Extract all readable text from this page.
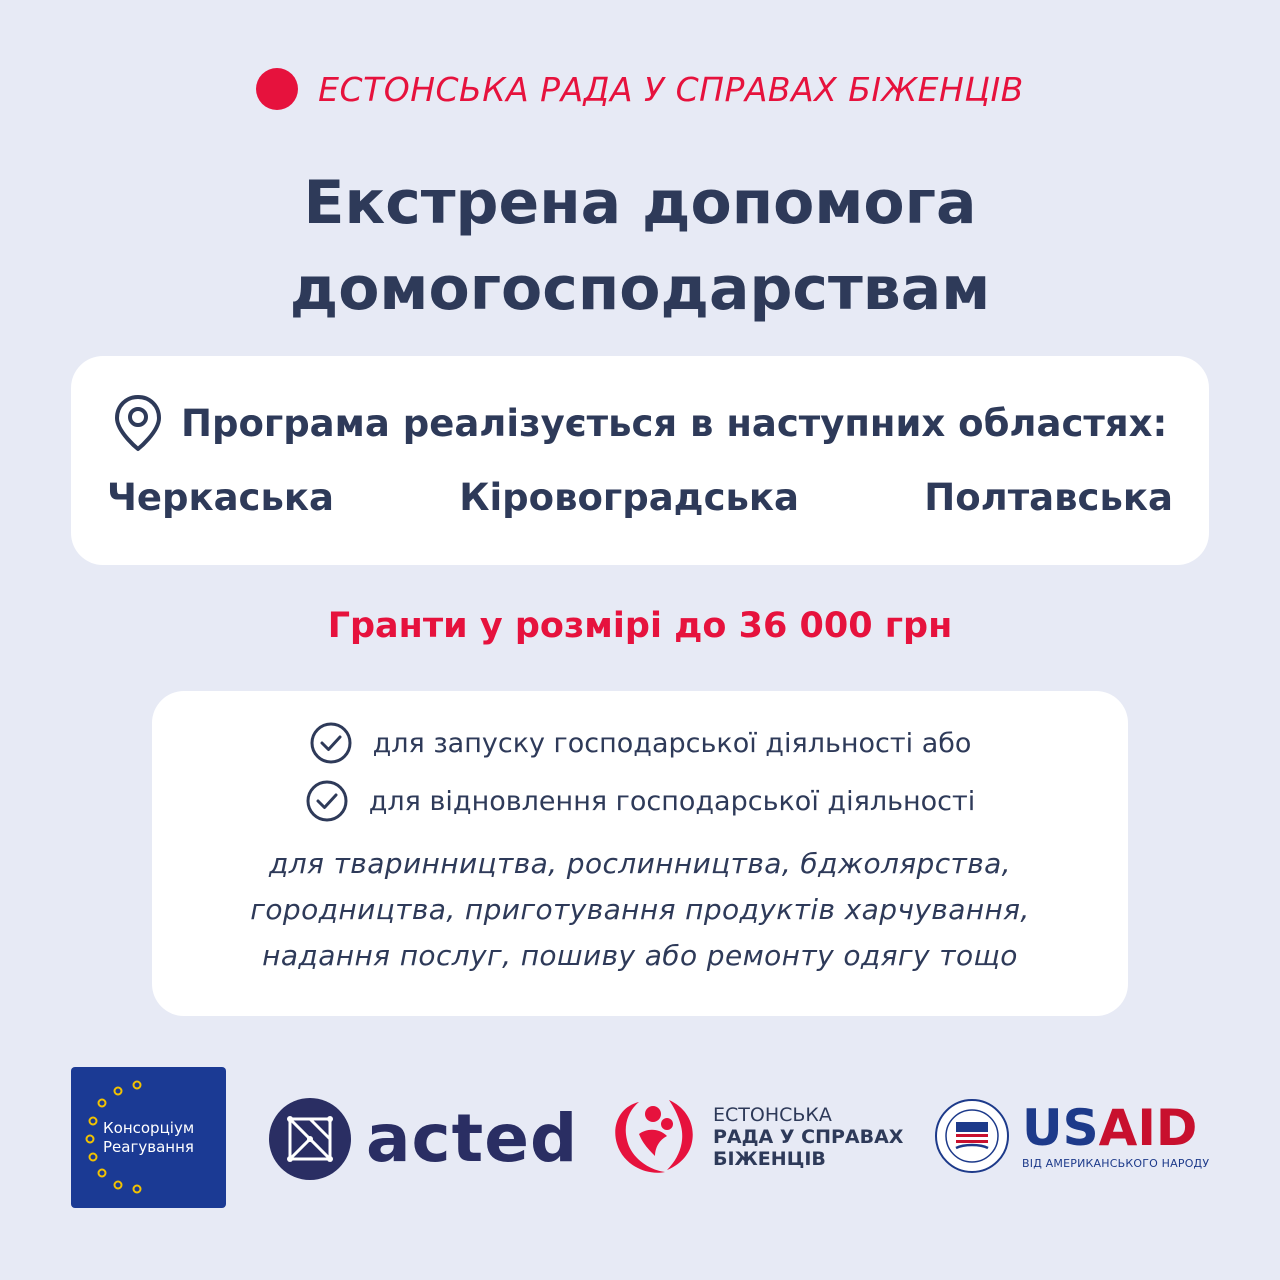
ЕСТОНСЬКА РАДА У СПРАВАХ БІЖЕНЦІВ
Екстрена допомога
домогосподарствам
Програма реалізується в наступних областях:
Черкаська	Кіровоградська	Полтавська
Гранти у розмірі до 36 000 грн
для запуску господарської діяльності або
для відновлення господарської діяльності
для тваринництва, рослинництва, бджолярства,
городництва, приготування продуктів харчування,
надання послуг, пошиву або ремонту одягу тощо
Консорціум
Реагування	acted	ЕСТОНСЬКА
РАДА У СПРАВАХ
БІЖЕНЦІВ
USAID
ВІД АМЕРИКАНСЬКОГО НАРОДУ
